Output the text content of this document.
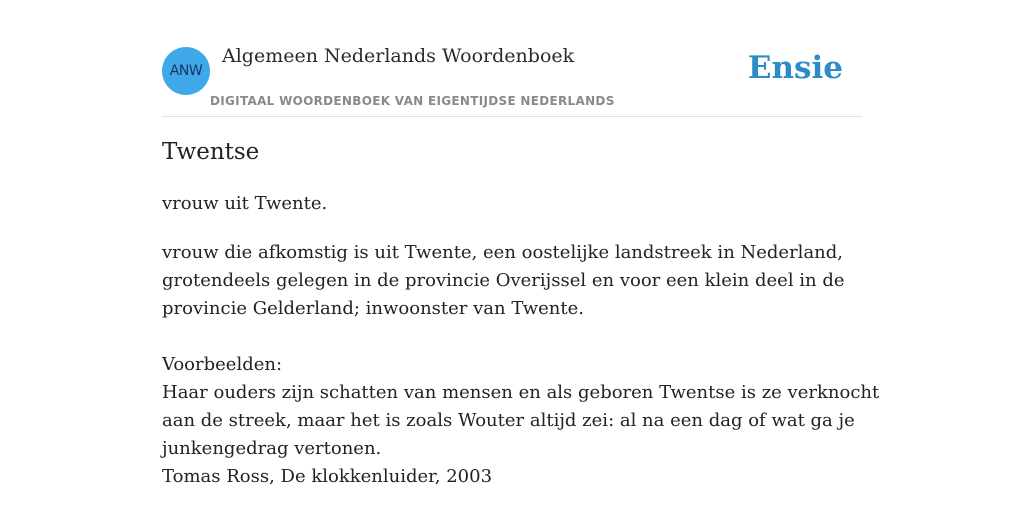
ANW
Algemeen Nederlands Woordenboek
DIGITAAL WOORDENBOEK VAN EIGENTIJDSE NEDERLANDS
Ensie
Twentse
vrouw uit Twente.

vrouw die afkomstig is uit Twente, een oostelijke landstreek in Nederland,

grotendeels gelegen in de provincie Overijssel en voor een klein deel in de

provincie Gelderland; inwoonster van Twente.

Voorbeelden:

Haar ouders zijn schatten van mensen en als geboren Twentse is ze verknocht

aan de streek, maar het is zoals Wouter altijd zei: al na een dag of wat ga je

junkengedrag vertonen.

Tomas Ross, De klokkenluider, 2003
